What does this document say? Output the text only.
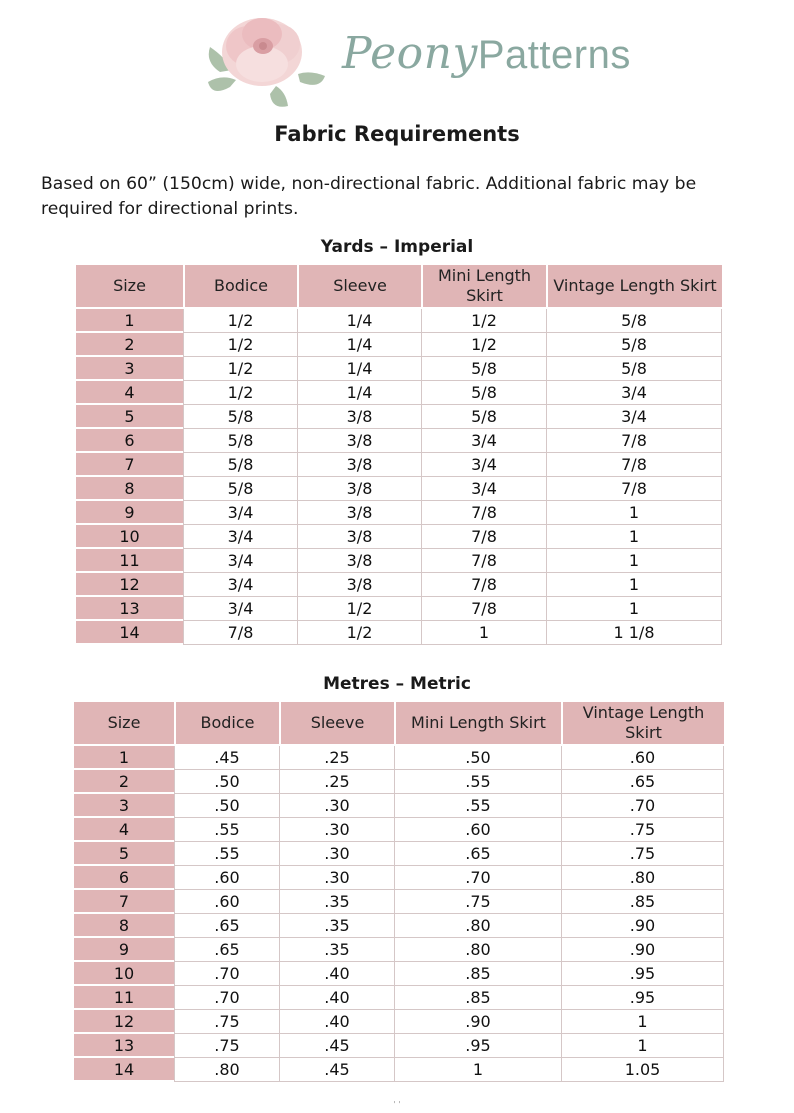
PeonyPatterns
Fabric Requirements
Based on 60” (150cm) wide, non-directional fabric. Additional fabric may be required for directional prints.
Yards – Imperial
Size	Bodice	Sleeve	Mini Length Skirt	Vintage Length Skirt
1	1/2	1/4	1/2	5/8
2	1/2	1/4	1/2	5/8
3	1/2	1/4	5/8	5/8
4	1/2	1/4	5/8	3/4
5	5/8	3/8	5/8	3/4
6	5/8	3/8	3/4	7/8
7	5/8	3/8	3/4	7/8
8	5/8	3/8	3/4	7/8
9	3/4	3/8	7/8	1
10	3/4	3/8	7/8	1
11	3/4	3/8	7/8	1
12	3/4	3/8	7/8	1
13	3/4	1/2	7/8	1
14	7/8	1/2	1	1 1/8
Metres – Metric
Size	Bodice	Sleeve	Mini Length Skirt	Vintage Length Skirt
1	.45	.25	.50	.60
2	.50	.25	.55	.65
3	.50	.30	.55	.70
4	.55	.30	.60	.75
5	.55	.30	.65	.75
6	.60	.30	.70	.80
7	.60	.35	.75	.85
8	.65	.35	.80	.90
9	.65	.35	.80	.90
10	.70	.40	.85	.95
11	.70	.40	.85	.95
12	.75	.40	.90	1
13	.75	.45	.95	1
14	.80	.45	1	1.05
' '
